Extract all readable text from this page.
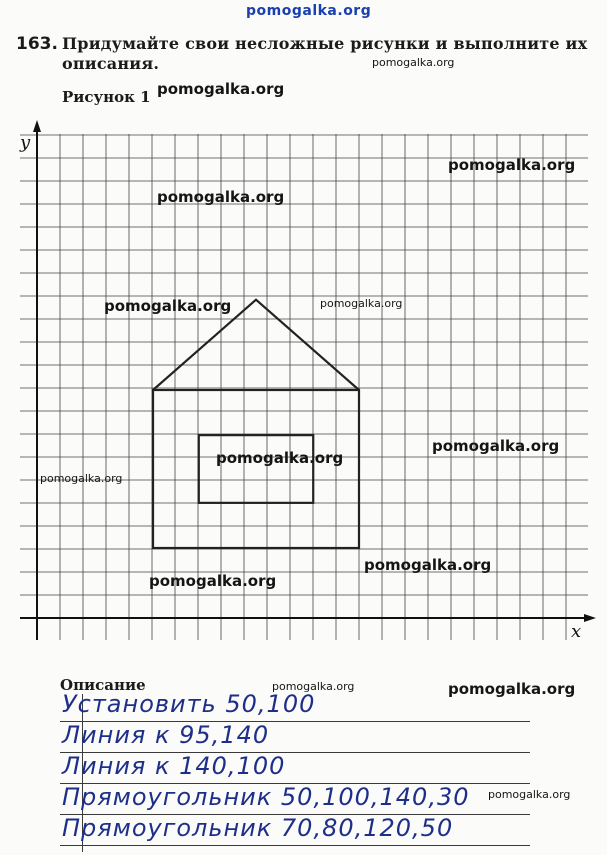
pomogalka.org
163. Придумайте свои несложные рисунки и выполните их
описания.	pomogalka.org
Рисунок 1 pomogalka.org
y
x
pomogalka.org
pomogalka.org
pomogalka.org	pomogalka.org
pomogalka.org
pomogalka.org
pomogalka.org
pomogalka.org
pomogalka.org
Описание	pomogalka.org	pomogalka.org
Установить 50,100
Линия к 95,140
Линия к 140,100
Прямоугольник 50,100,140,30
Прямоугольник 70,80,120,50
pomogalka.org
